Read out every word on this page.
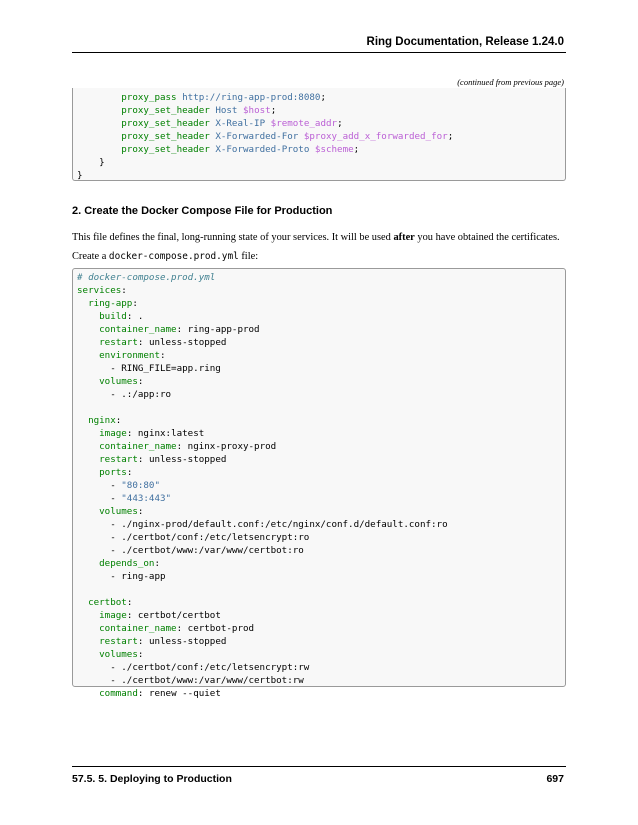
Ring Documentation, Release 1.24.0
(continued from previous page)
proxy_pass http://ring-app-prod:8080;
proxy_set_header Host $host;
proxy_set_header X-Real-IP $remote_addr;
proxy_set_header X-Forwarded-For $proxy_add_x_forwarded_for;
proxy_set_header X-Forwarded-Proto $scheme;
}
}
2. Create the Docker Compose File for Production
This file defines the final, long-running state of your services. It will be used after you have obtained the certificates.
Create a docker-compose.prod.yml file:
# docker-compose.prod.yml
services:
ring-app:
build: .
container_name: ring-app-prod
restart: unless-stopped
environment:
- RING_FILE=app.ring
volumes:
- .:/app:ro
nginx:
image: nginx:latest
container_name: nginx-proxy-prod
restart: unless-stopped
ports:
- "80:80"
- "443:443"
volumes:
- ./nginx-prod/default.conf:/etc/nginx/conf.d/default.conf:ro
- ./certbot/conf:/etc/letsencrypt:ro
- ./certbot/www:/var/www/certbot:ro
depends_on:
- ring-app
certbot:
image: certbot/certbot
container_name: certbot-prod
restart: unless-stopped
volumes:
- ./certbot/conf:/etc/letsencrypt:rw
- ./certbot/www:/var/www/certbot:rw
command: renew --quiet
57.5. 5. Deploying to Production	697
